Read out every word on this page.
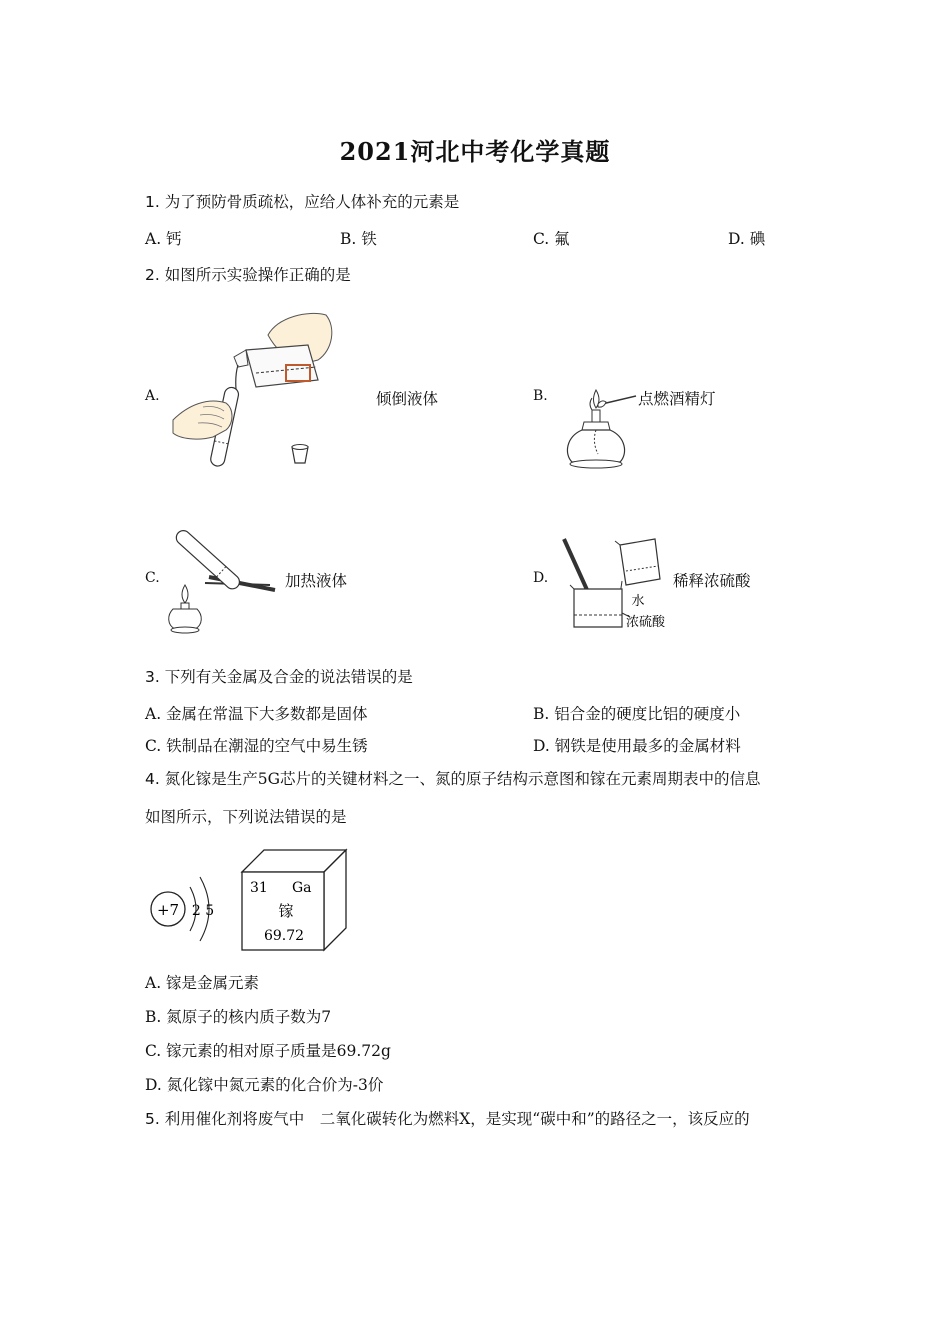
2021河北中考化学真题
1. 为了预防骨质疏松，应给人体补充的元素是
A. 钙	B. 铁	C. 氟	D. 碘
2. 如图所示实验操作正确的是
A.	B.
C.	D.
倾倒液体	点燃酒精灯
加热液体	稀释浓硫酸
水
浓硫酸
3. 下列有关金属及合金的说法错误的是
A. 金属在常温下大多数都是固体	B. 铝合金的硬度比铝的硬度小
C. 铁制品在潮湿的空气中易生锈	D. 钢铁是使用最多的金属材料
4. 氮化镓是生产5G芯片的关键材料之一、氮的原子结构示意图和镓在元素周期表中的信息
如图所示，下列说法错误的是
+7 2 5
31 Ga
镓
69.72
A. 镓是金属元素
B. 氮原子的核内质子数为7
C. 镓元素的相对原子质量是69.72g
D. 氮化镓中氮元素的化合价为-3价
5. 利用催化剂将废气中　二氧化碳转化为燃料X，是实现“碳中和”的路径之一，该反应的
